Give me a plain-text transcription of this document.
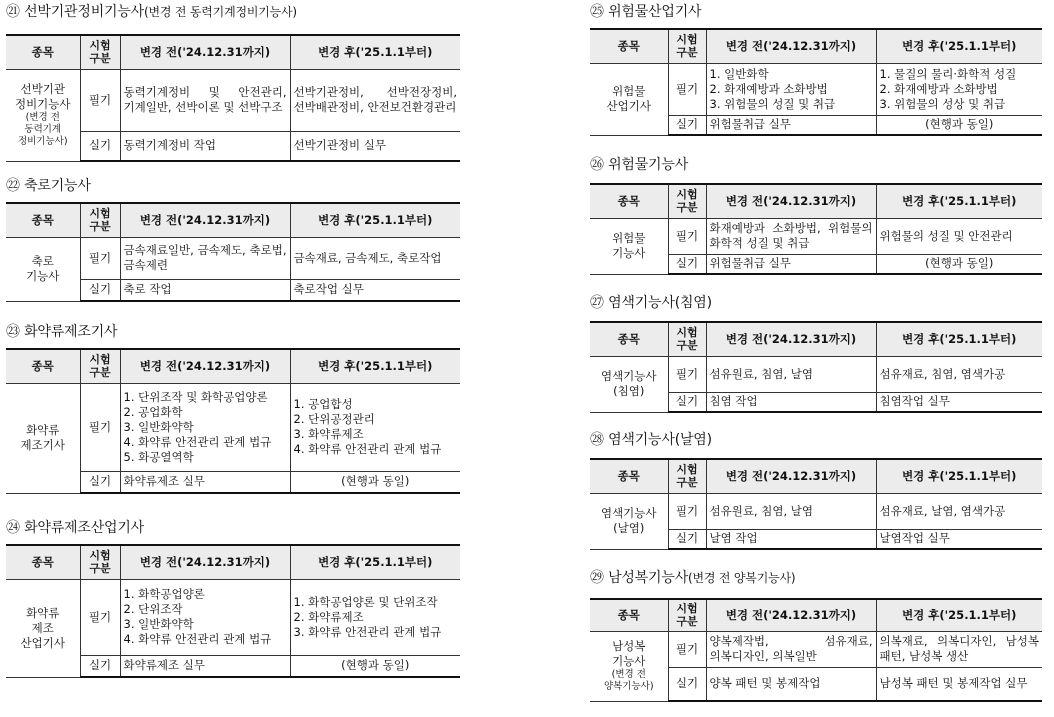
㉑ 선박기관정비기능사(변경 전 동력기계정비기능사)
종목	시험
구분	변경 전('24.12.31까지)	변경 후('25.1.1부터)

선박기관
정비기능사
(변경 전
동력기계
정비기능사)	필기	동력기계정비 및 안전관리, 기계일반, 선박이론 및 선박구조	선박기관정비, 선박전장정비, 선박배관정비, 안전보건환경관리
	실기	동력기계정비 작업	선박기관정비 실무
㉒ 축로기능사
종목	시험
구분	변경 전('24.12.31까지)	변경 후('25.1.1부터)
축로
기능사	필기	금속재료일반, 금속제도, 축로법, 금속제련	금속재료, 금속제도, 축로작업
	실기	축로 작업	축로작업 실무
㉓ 화약류제조기사
종목	시험
구분	변경 전('24.12.31까지)	변경 후('25.1.1부터)
화약류
제조기사	필기	1. 단위조작 및 화학공업양론
2. 공업화학
3. 일반화약학
4. 화약류 안전관리 관계 법규
5. 화공열역학	1. 공업합성
2. 단위공정관리
3. 화약류제조
4. 화약류 안전관리 관계 법규
	실기	화약류제조 실무	(현행과 동일)
㉔ 화약류제조산업기사
종목	시험
구분	변경 전('24.12.31까지)	변경 후('25.1.1부터)
화약류
제조
산업기사	필기	1. 화학공업양론
2. 단위조작
3. 일반화약학
4. 화약류 안전관리 관계 법규	1. 화학공업양론 및 단위조작
2. 화약류제조
3. 화약류 안전관리 관계 법규
	실기	화약류제조 실무	(현행과 동일)
㉕ 위험물산업기사
종목	시험
구분	변경 전('24.12.31까지)	변경 후('25.1.1부터)
위험물
산업기사	필기	1. 일반화학
2. 화재예방과 소화방법
3. 위험물의 성질 및 취급	1. 물질의 물리·화학적 성질
2. 화재예방과 소화방법
3. 위험물의 성상 및 취급
	실기	위험물취급 실무	(현행과 동일)
㉖ 위험물기능사
종목	시험
구분	변경 전('24.12.31까지)	변경 후('25.1.1부터)
위험물
기능사	필기	화재예방과 소화방법, 위험물의 화학적 성질 및 취급	위험물의 성질 및 안전관리
	실기	위험물취급 실무	(현행과 동일)
㉗ 염색기능사(침염)
종목	시험
구분	변경 전('24.12.31까지)	변경 후('25.1.1부터)
염색기능사
(침염)	필기	섬유원료, 침염, 날염	섬유재료, 침염, 염색가공
	실기	침염 작업	침염작업 실무
㉘ 염색기능사(날염)
종목	시험
구분	변경 전('24.12.31까지)	변경 후('25.1.1부터)
염색기능사
(날염)	필기	섬유원료, 침염, 날염	섬유재료, 날염, 염색가공
	실기	날염 작업	날염작업 실무
㉙ 남성복기능사(변경 전 양복기능사)
종목	시험
구분	변경 전('24.12.31까지)	변경 후('25.1.1부터)

남성복
기능사
(변경 전
양복기능사)	필기	양복제작법, 섬유재료, 의복디자인, 의복일반	의복재료, 의복디자인, 남성복 패턴, 남성복 생산
	실기	양복 패턴 및 봉제작업	남성복 패턴 및 봉제작업 실무
